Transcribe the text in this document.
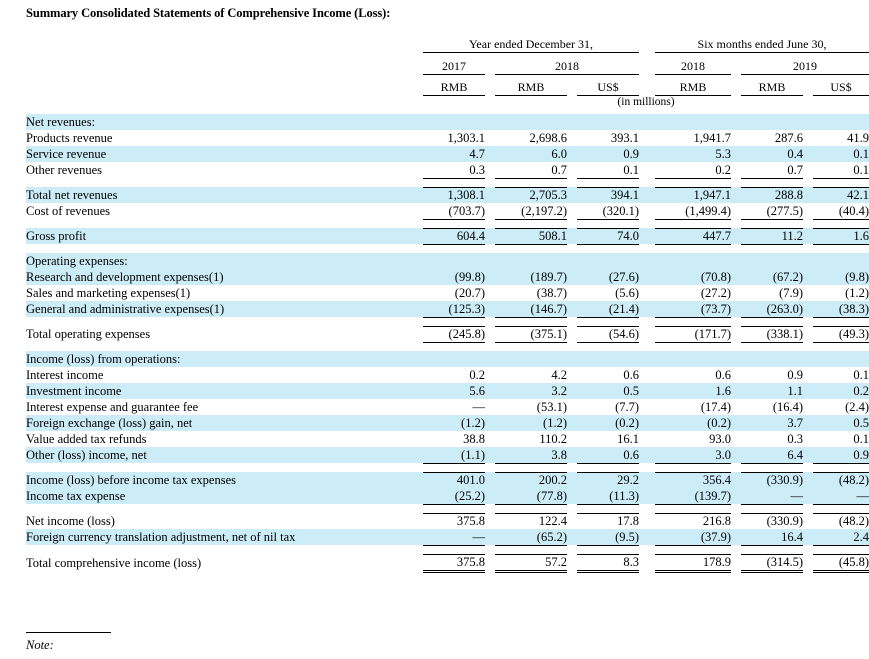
Summary Consolidated Statements of Comprehensive Income (Loss):
		Year ended December 31,						Six months ended June 30,				

		2017		2018				2018		2019		

		RMB		RMB		US$		RMB		RMB		US$
		(in millions)										

Net revenues:												
Products revenue		1,303.1		2,698.6		393.1		1,941.7		287.6		41.9
Service revenue		4.7		6.0		0.9		5.3		0.4		0.1
Other revenues		0.3		0.7		0.1		0.2		0.7		0.1

Total net revenues		1,308.1		2,705.3		394.1		1,947.1		288.8		42.1
Cost of revenues		(703.7)		(2,197.2)		(320.1)		(1,499.4)		(277.5)		(40.4)

Gross profit		604.4		508.1		74.0		447.7		11.2		1.6

Operating expenses:												
Research and development expenses(1)		(99.8)		(189.7)		(27.6)		(70.8)		(67.2)		(9.8)
Sales and marketing expenses(1)		(20.7)		(38.7)		(5.6)		(27.2)		(7.9)		(1.2)
General and administrative expenses(1)		(125.3)		(146.7)		(21.4)		(73.7)		(263.0)		(38.3)

Total operating expenses		(245.8)		(375.1)		(54.6)		(171.7)		(338.1)		(49.3)

Income (loss) from operations:												
Interest income		0.2		4.2		0.6		0.6		0.9		0.1
Investment income		5.6		3.2		0.5		1.6		1.1		0.2
Interest expense and guarantee fee		—		(53.1)		(7.7)		(17.4)		(16.4)		(2.4)
Foreign exchange (loss) gain, net		(1.2)		(1.2)		(0.2)		(0.2)		3.7		0.5
Value added tax refunds		38.8		110.2		16.1		93.0		0.3		0.1
Other (loss) income, net		(1.1)		3.8		0.6		3.0		6.4		0.9

Income (loss) before income tax expenses		401.0		200.2		29.2		356.4		(330.9)		(48.2)
Income tax expense		(25.2)		(77.8)		(11.3)		(139.7)		—		—

Net income (loss)		375.8		122.4		17.8		216.8		(330.9)		(48.2)
Foreign currency translation adjustment, net of nil tax		—		(65.2)		(9.5)		(37.9)		16.4		2.4

Total comprehensive income (loss)		375.8		57.2		8.3		178.9		(314.5)		(45.8)
Note:
